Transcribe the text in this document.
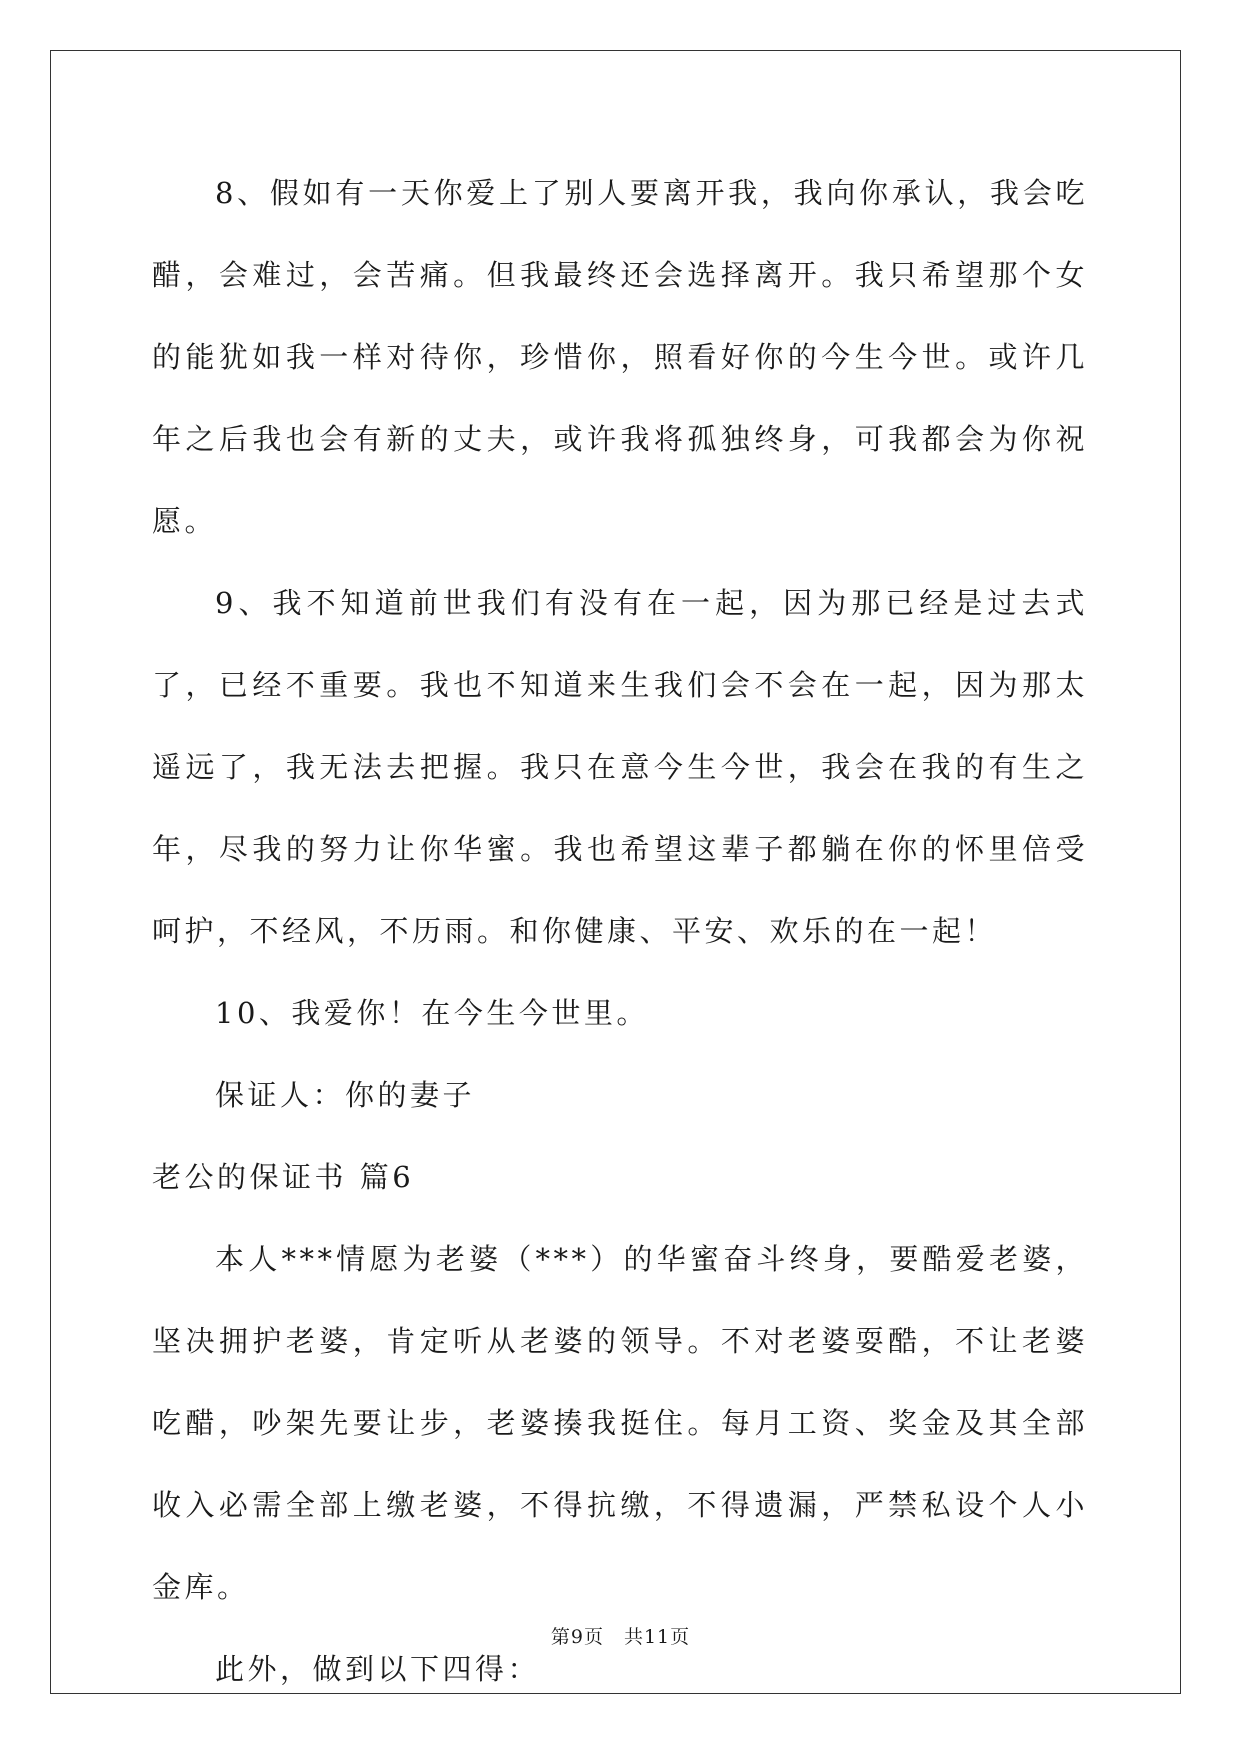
8、假如有一天你爱上了别人要离开我，我向你承认，我会吃醋，会难过，会苦痛。但我最终还会选择离开。我只希望那个女的能犹如我一样对待你，珍惜你，照看好你的今生今世。或许几年之后我也会有新的丈夫，或许我将孤独终身，可我都会为你祝愿。

9、我不知道前世我们有没有在一起，因为那已经是过去式了，已经不重要。我也不知道来生我们会不会在一起，因为那太遥远了，我无法去把握。我只在意今生今世，我会在我的有生之年，尽我的努力让你华蜜。我也希望这辈子都躺在你的怀里倍受呵护，不经风，不历雨。和你健康、平安、欢乐的在一起！

10、我爱你！在今生今世里。

保证人：你的妻子

老公的保证书 篇6

本人***情愿为老婆（***）的华蜜奋斗终身，要酷爱老婆，坚决拥护老婆，肯定听从老婆的领导。不对老婆耍酷，不让老婆吃醋，吵架先要让步，老婆揍我挺住。每月工资、奖金及其全部收入必需全部上缴老婆，不得抗缴，不得遗漏，严禁私设个人小金库。

此外，做到以下四得：

第9页 共11页
